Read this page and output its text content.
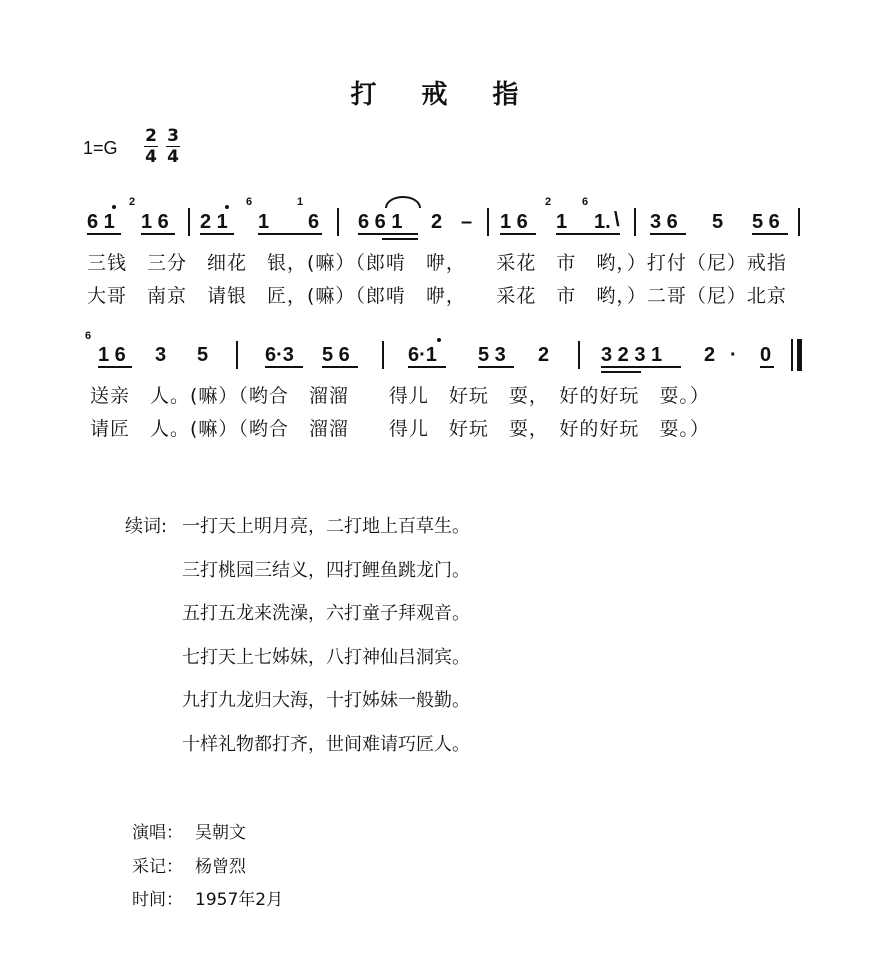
打 戒 指
1=G
2
4
3
4
6 1
2
1 6 2 1
6
1
1
6 6 6 1 2 – 1 6
2
1
6
1. \ 3 6 5 5 6
三钱　三分　细花　银，(嘛）（郎啃　咿，　　采花　市　哟，）打付（尼）戒指
大哥　南京　请银　匠，(嘛）（郎啃　咿，　　采花　市　哟，）二哥（尼）北京
6
1 6 3 5	6·3 5 6	6·1 5 3 2	3 2 3 1 2 · 0
送亲　人。(嘛）（哟合　溜溜　　得儿　好玩　耍，　好的好玩　耍。）
请匠　人。(嘛）（哟合　溜溜　　得儿　好玩　耍，　好的好玩　耍。）
续词: 一打天上明月亮，二打地上百草生。
三打桃园三结义，四打鲤鱼跳龙门。
五打五龙来洗澡，六打童子拜观音。
七打天上七姊妹，八打神仙吕洞宾。
九打九龙归大海，十打姊妹一般勤。
十样礼物都打齐，世间难请巧匠人。
演唱： 吴朝文
采记： 杨曾烈
时间： 1957年2月
